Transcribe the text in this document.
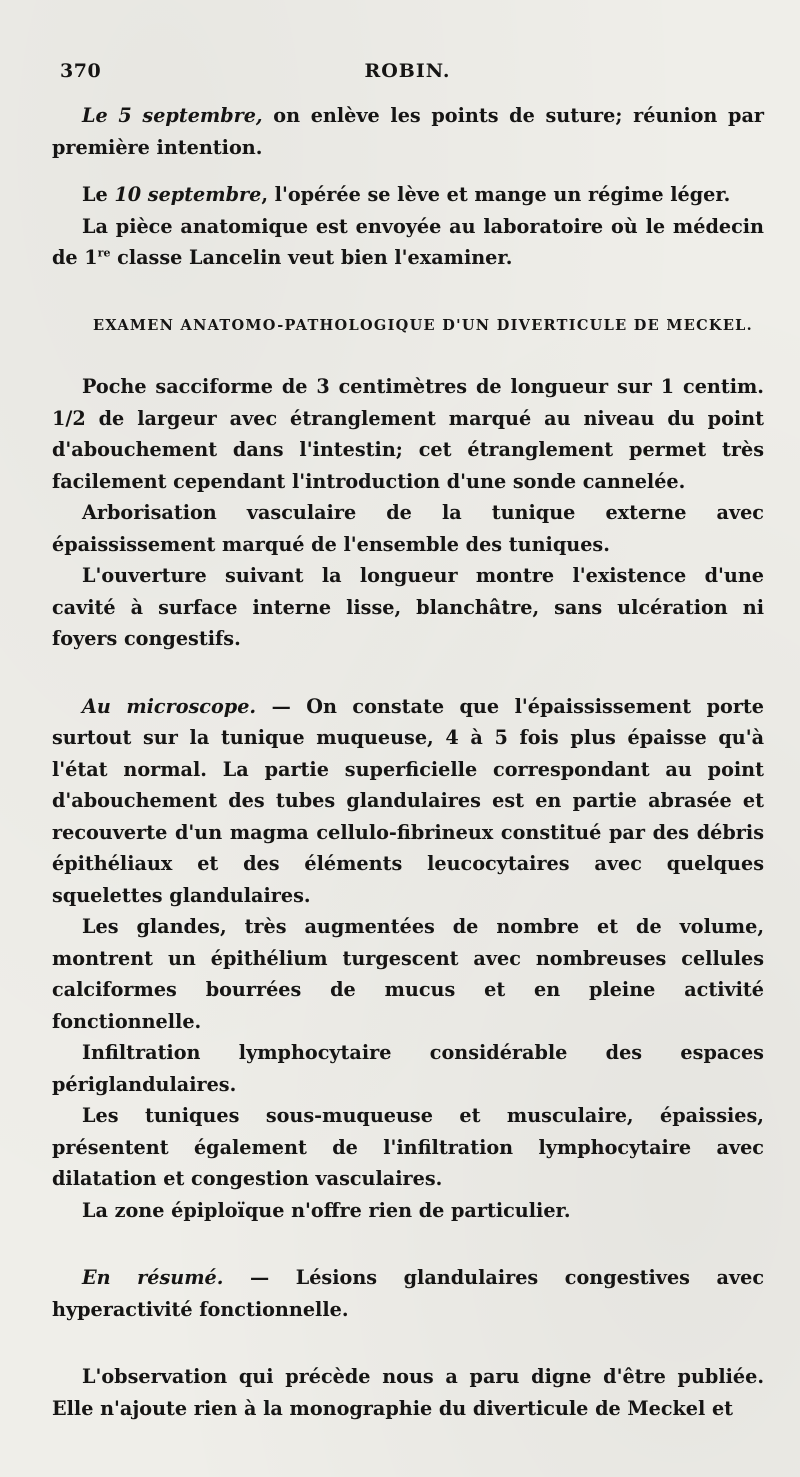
370	ROBIN.

Le 5 septembre, on enlève les points de suture; réunion par première intention.

Le 10 septembre, l'opérée se lève et mange un régime léger.

La pièce anatomique est envoyée au laboratoire où le médecin de 1re classe Lancelin veut bien l'examiner.

EXAMEN ANATOMO-PATHOLOGIQUE D'UN DIVERTICULE DE MECKEL.

Poche sacciforme de 3 centimètres de longueur sur 1 centim. 1/2 de largeur avec étranglement marqué au niveau du point d'abouchement dans l'intestin; cet étranglement permet très facilement cependant l'introduction d'une sonde cannelée.

Arborisation vasculaire de la tunique externe avec épaississement marqué de l'ensemble des tuniques.

L'ouverture suivant la longueur montre l'existence d'une cavité à surface interne lisse, blanchâtre, sans ulcération ni foyers congestifs.

Au microscope. — On constate que l'épaississement porte surtout sur la tunique muqueuse, 4 à 5 fois plus épaisse qu'à l'état normal. La partie superficielle correspondant au point d'abouchement des tubes glandulaires est en partie abrasée et recouverte d'un magma cellulo-fibrineux constitué par des débris épithéliaux et des éléments leucocytaires avec quelques squelettes glandulaires.

Les glandes, très augmentées de nombre et de volume, montrent un épithélium turgescent avec nombreuses cellules calciformes bourrées de mucus et en pleine activité fonctionnelle.

Infiltration lymphocytaire considérable des espaces périglandulaires.

Les tuniques sous-muqueuse et musculaire, épaissies, présentent également de l'infiltration lymphocytaire avec dilatation et congestion vasculaires.

La zone épiploïque n'offre rien de particulier.

En résumé. — Lésions glandulaires congestives avec hyperactivité fonctionnelle.

L'observation qui précède nous a paru digne d'être publiée. Elle n'ajoute rien à la monographie du diverticule de Meckel et
